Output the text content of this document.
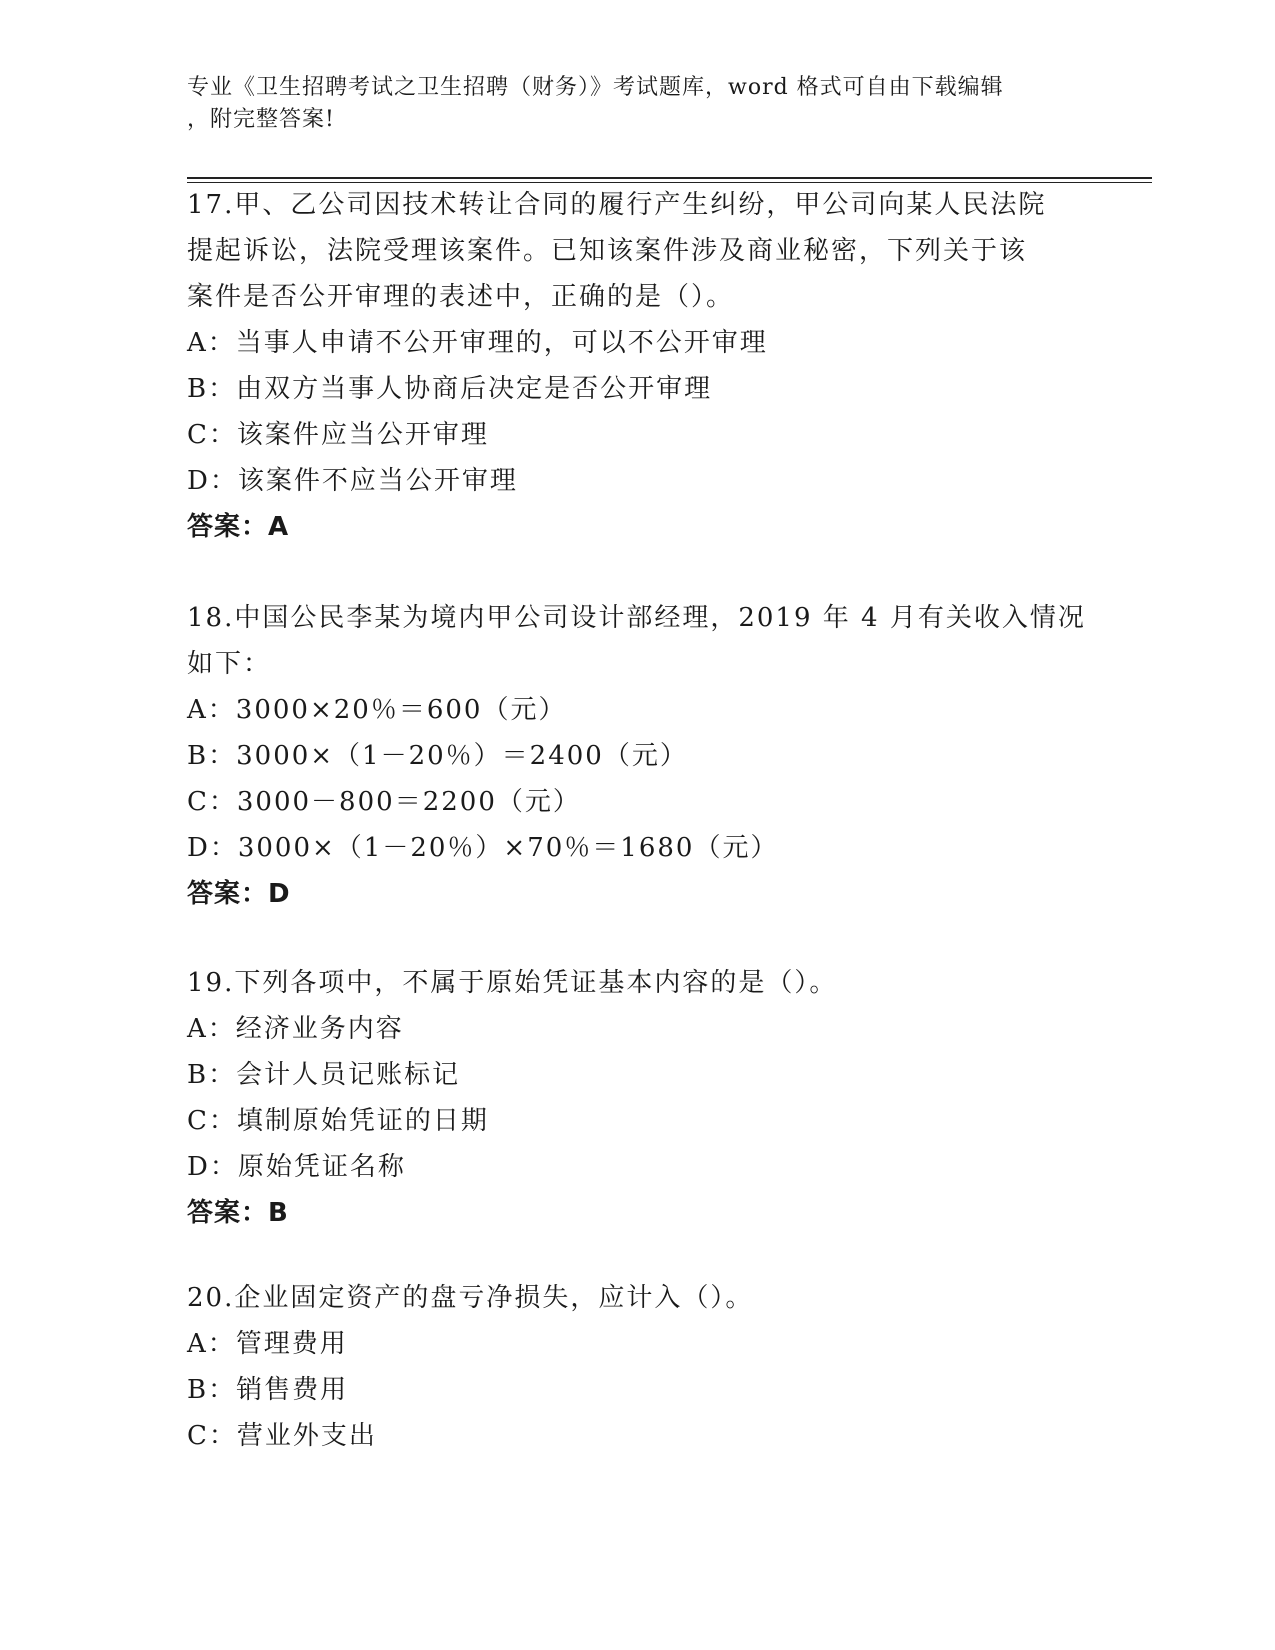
专业《卫生招聘考试之卫生招聘（财务）》考试题库，word 格式可自由下载编辑
，附完整答案!
17.甲、乙公司因技术转让合同的履行产生纠纷，甲公司向某人民法院
提起诉讼，法院受理该案件。已知该案件涉及商业秘密，下列关于该
案件是否公开审理的表述中，正确的是（）。
A：当事人申请不公开审理的，可以不公开审理
B：由双方当事人协商后决定是否公开审理
C：该案件应当公开审理
D：该案件不应当公开审理
答案：A
18.中国公民李某为境内甲公司设计部经理，2019 年 4 月有关收入情况
如下：
A：3000×20％＝600（元）
B：3000×（1－20％）＝2400（元）
C：3000－800＝2200（元）
D：3000×（1－20％）×70％＝1680（元）
答案：D
19.下列各项中，不属于原始凭证基本内容的是（）。
A：经济业务内容
B：会计人员记账标记
C：填制原始凭证的日期
D：原始凭证名称
答案：B
20.企业固定资产的盘亏净损失，应计入（）。
A：管理费用
B：销售费用
C：营业外支出
